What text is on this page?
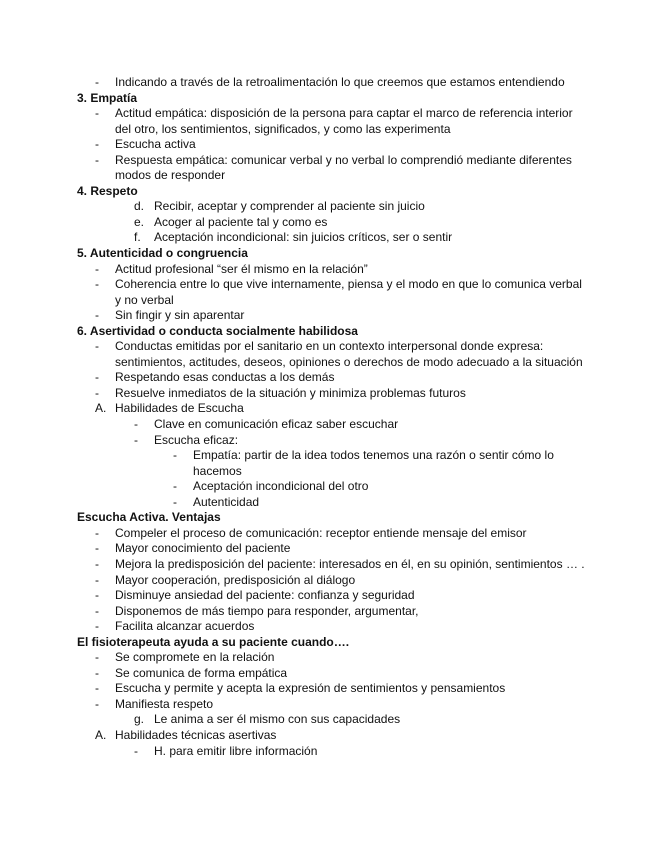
- Indicando a través de la retroalimentación lo que creemos que estamos entendiendo
3. Empatía
- Actitud empática: disposición de la persona para captar el marco de referencia interior
del otro, los sentimientos, significados, y como las experimenta
- Escucha activa
- Respuesta empática: comunicar verbal y no verbal lo comprendió mediante diferentes
modos de responder
4. Respeto
d. Recibir, aceptar y comprender al paciente sin juicio
e. Acoger al paciente tal y como es
f. Aceptación incondicional: sin juicios críticos, ser o sentir
5. Autenticidad o congruencia
- Actitud profesional “ser él mismo en la relación”
- Coherencia entre lo que vive internamente, piensa y el modo en que lo comunica verbal
y no verbal
- Sin fingir y sin aparentar
6. Asertividad o conducta socialmente habilidosa
- Conductas emitidas por el sanitario en un contexto interpersonal donde expresa:
sentimientos, actitudes, deseos, opiniones o derechos de modo adecuado a la situación
- Respetando esas conductas a los demás
- Resuelve inmediatos de la situación y minimiza problemas futuros
A. Habilidades de Escucha
- Clave en comunicación eficaz saber escuchar
- Escucha eficaz:
- Empatía: partir de la idea todos tenemos una razón o sentir cómo lo
hacemos
- Aceptación incondicional del otro
- Autenticidad
Escucha Activa. Ventajas
- Compeler el proceso de comunicación: receptor entiende mensaje del emisor
- Mayor conocimiento del paciente
- Mejora la predisposición del paciente: interesados en él, en su opinión, sentimientos … .
- Mayor cooperación, predisposición al diálogo
- Disminuye ansiedad del paciente: confianza y seguridad
- Disponemos de más tiempo para responder, argumentar,
- Facilita alcanzar acuerdos
El fisioterapeuta ayuda a su paciente cuando….
- Se compromete en la relación
- Se comunica de forma empática
- Escucha y permite y acepta la expresión de sentimientos y pensamientos
- Manifiesta respeto
g. Le anima a ser él mismo con sus capacidades
A. Habilidades técnicas asertivas
- H. para emitir libre información
